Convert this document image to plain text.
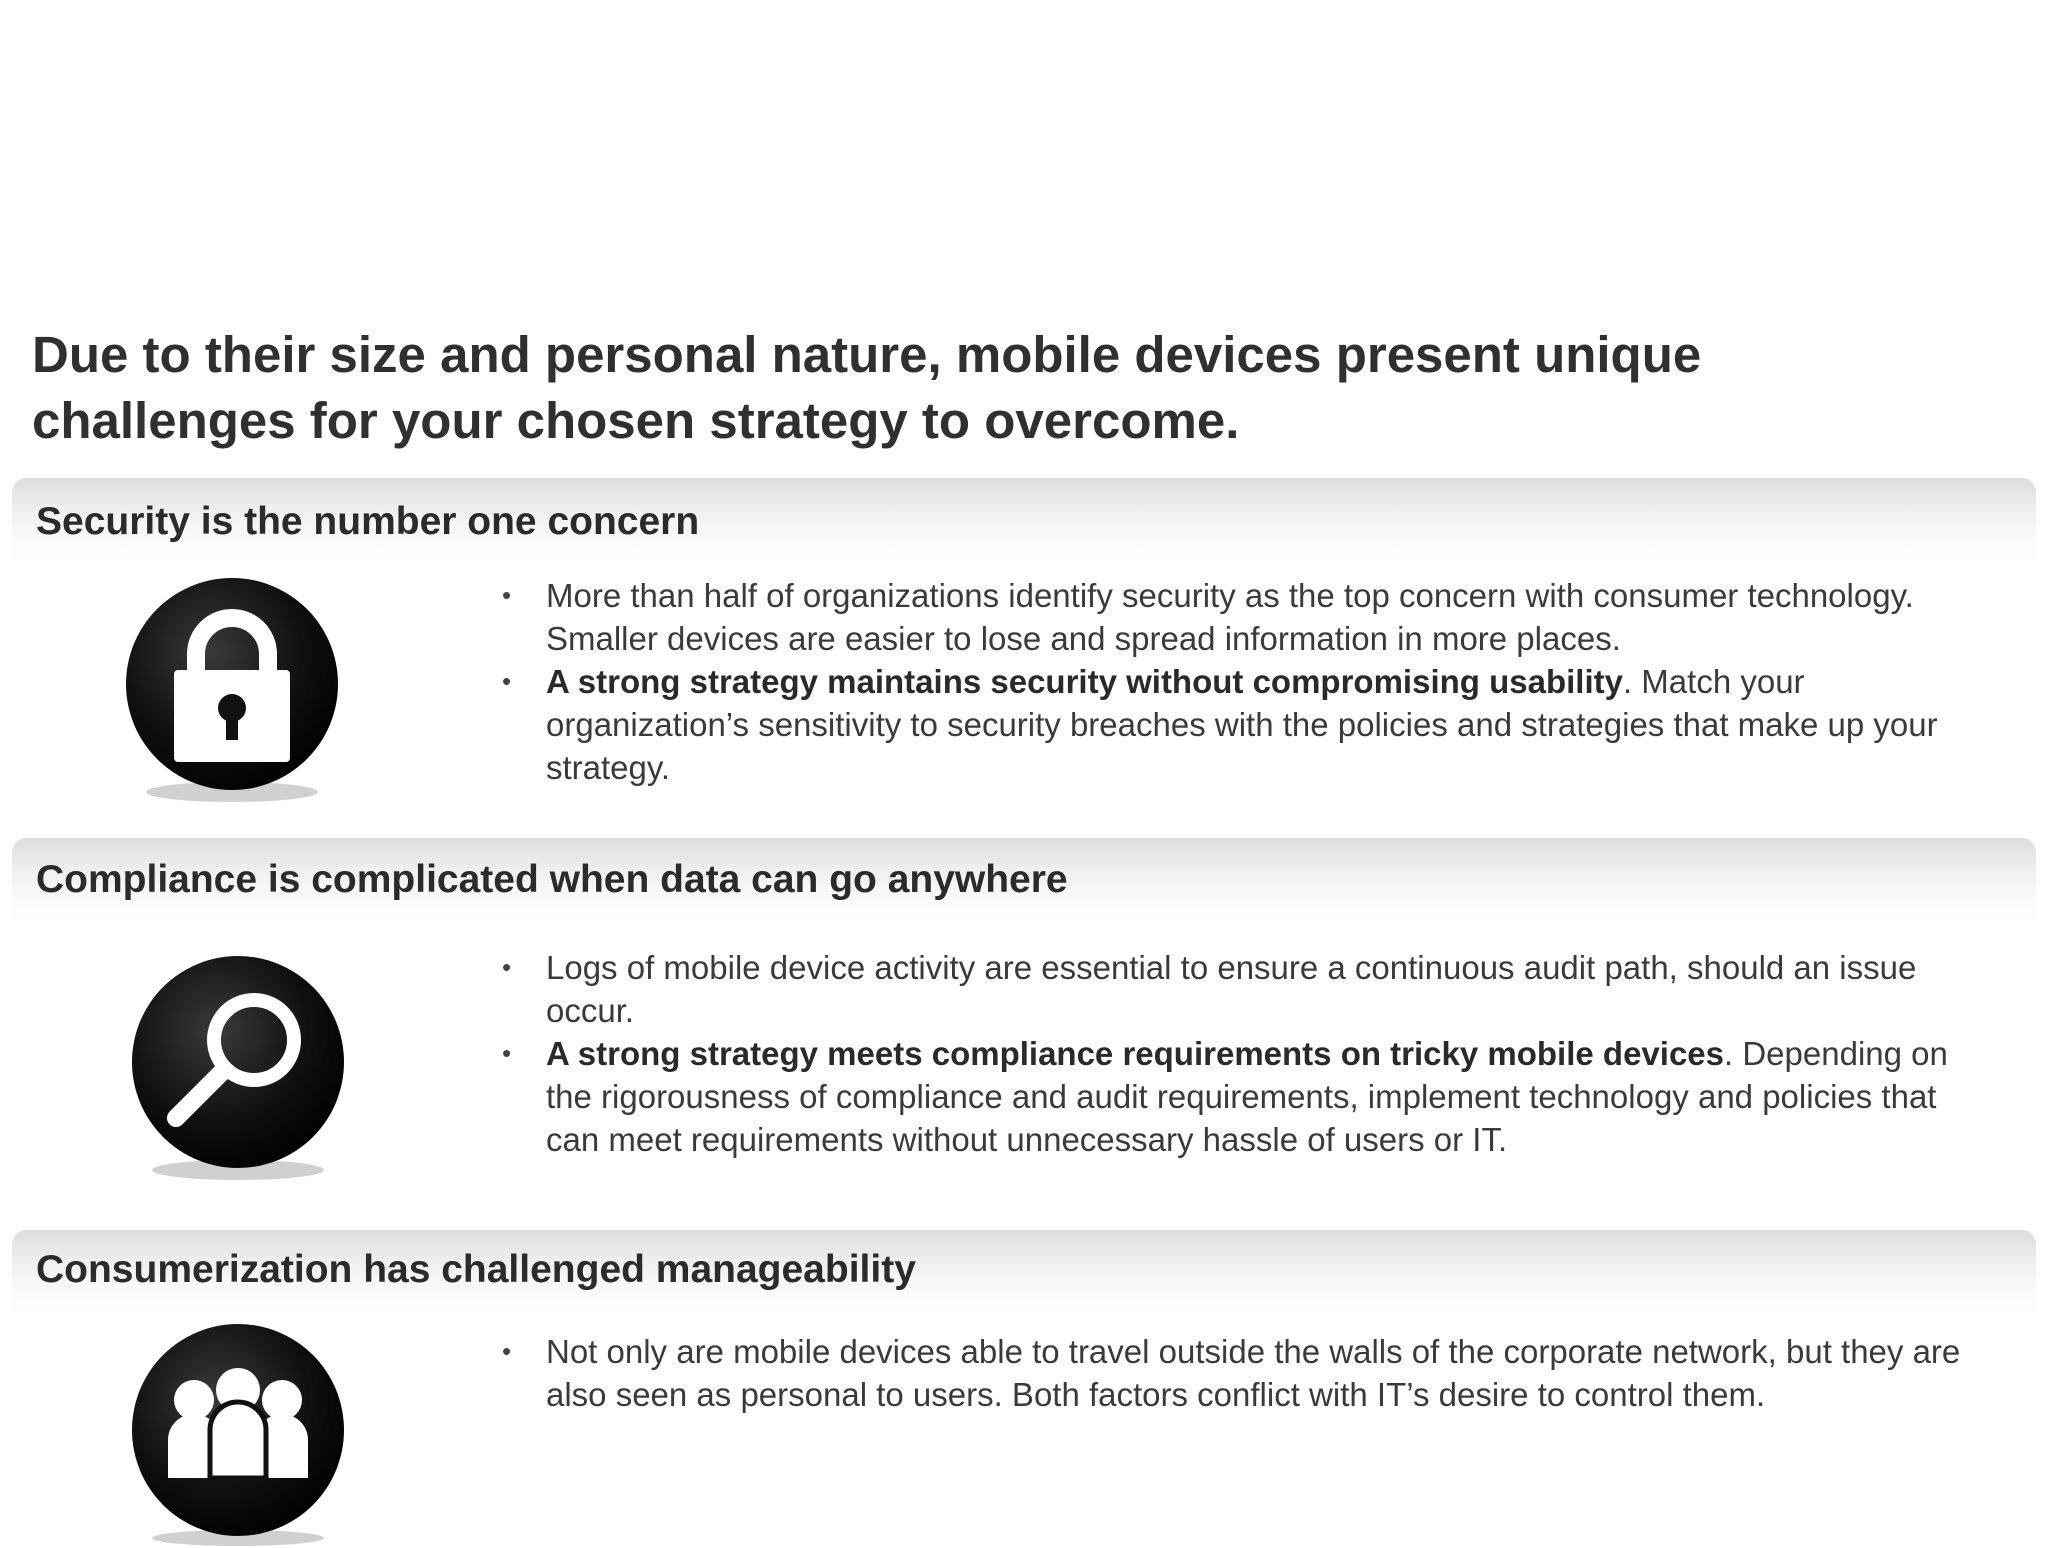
Due to their size and personal nature, mobile devices present unique challenges for your chosen strategy to overcome.
Security is the number one concern
• More than half of organizations identify security as the top concern with consumer technology. Smaller devices are easier to lose and spread information in more places.
• A strong strategy maintains security without compromising usability. Match your organization’s sensitivity to security breaches with the policies and strategies that make up your strategy.
Compliance is complicated when data can go anywhere
• Logs of mobile device activity are essential to ensure a continuous audit path, should an issue occur.
• A strong strategy meets compliance requirements on tricky mobile devices. Depending on the rigorousness of compliance and audit requirements, implement technology and policies that can meet requirements without unnecessary hassle of users or IT.
Consumerization has challenged manageability
• Not only are mobile devices able to travel outside the walls of the corporate network, but they are also seen as personal to users. Both factors conflict with IT’s desire to control them.
